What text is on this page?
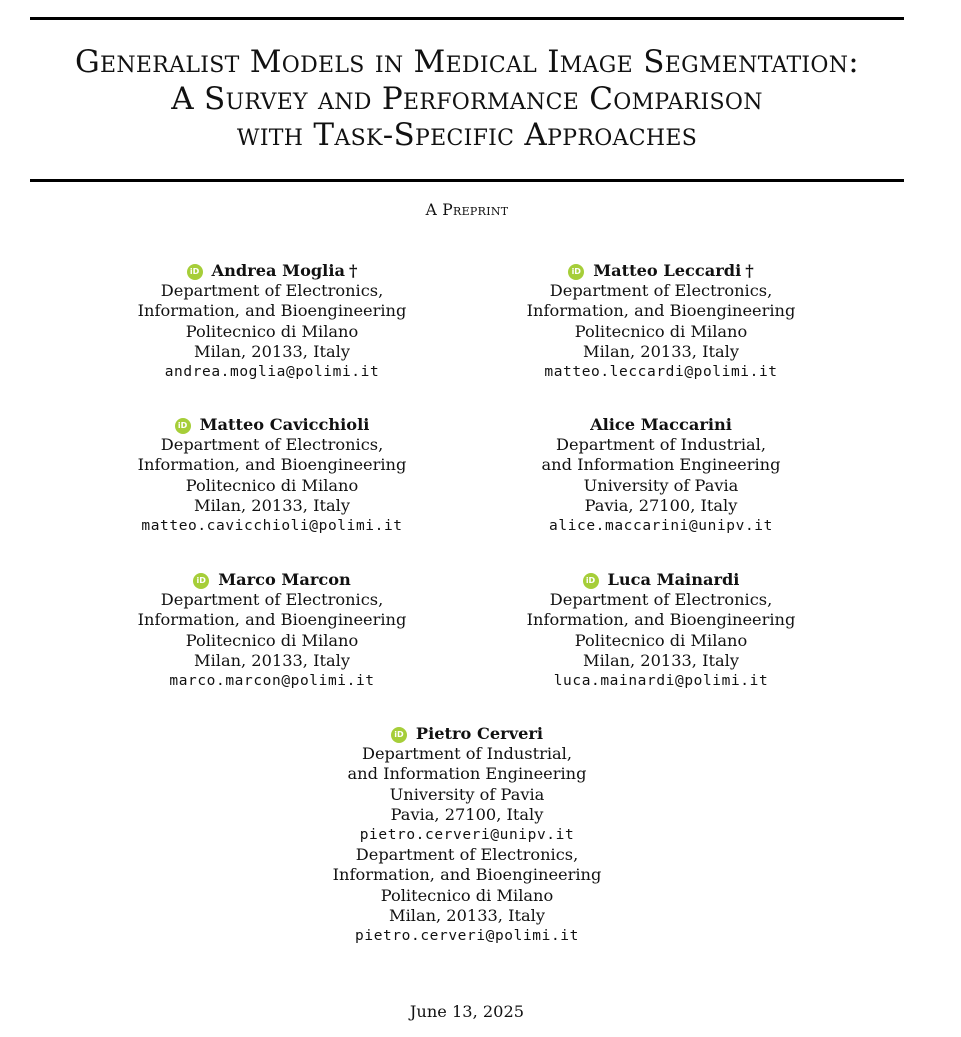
Generalist Models in Medical Image Segmentation:
A Survey and Performance Comparison
with Task-Specific Approaches
A Preprint
iD Andrea Moglia †
Department of Electronics,
Information, and Bioengineering
Politecnico di Milano
Milan, 20133, Italy
andrea.moglia@polimi.it
iD Matteo Leccardi †
Department of Electronics,
Information, and Bioengineering
Politecnico di Milano
Milan, 20133, Italy
matteo.leccardi@polimi.it
iD Matteo Cavicchioli
Department of Electronics,
Information, and Bioengineering
Politecnico di Milano
Milan, 20133, Italy
matteo.cavicchioli@polimi.it
Alice Maccarini
Department of Industrial,
and Information Engineering
University of Pavia
Pavia, 27100, Italy
alice.maccarini@unipv.it
iD Marco Marcon
Department of Electronics,
Information, and Bioengineering
Politecnico di Milano
Milan, 20133, Italy
marco.marcon@polimi.it
iD Luca Mainardi
Department of Electronics,
Information, and Bioengineering
Politecnico di Milano
Milan, 20133, Italy
luca.mainardi@polimi.it
iD Pietro Cerveri
Department of Industrial,
and Information Engineering
University of Pavia
Pavia, 27100, Italy
pietro.cerveri@unipv.it
Department of Electronics,
Information, and Bioengineering
Politecnico di Milano
Milan, 20133, Italy
pietro.cerveri@polimi.it
June 13, 2025
